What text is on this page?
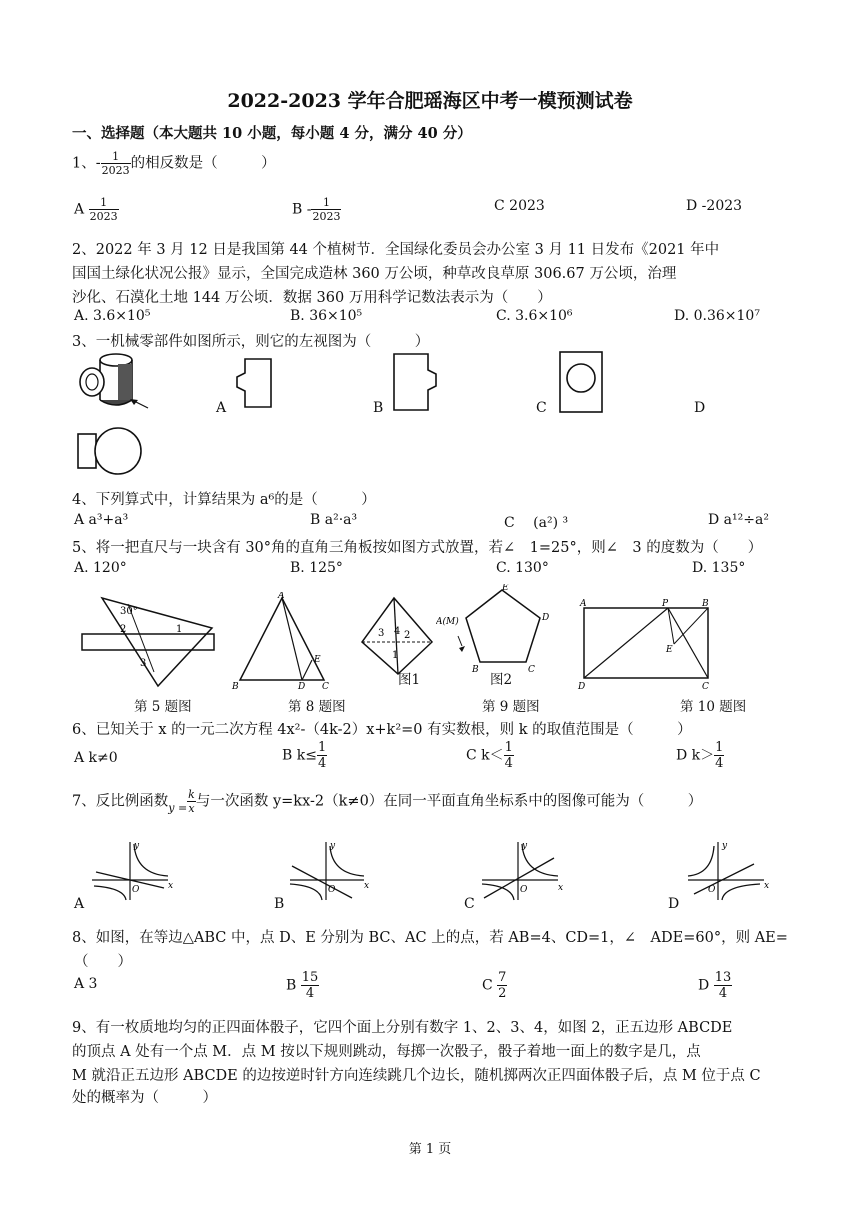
2022-2023 学年合肥瑶海区中考一模预测试卷
一、选择题（本大题共 10 小题，每小题 4 分，满分 40 分）
1、- $\frac{1}{2023}$ 的相反数是（　　　）
A $\frac{1}{2023}$	B - $\frac{1}{2023}$	C 2023	D -2023
2、2022 年 3 月 12 日是我国第 44 个植树节．全国绿化委员会办公室 3 月 11 日发布《2021 年中
国国土绿化状况公报》显示，全国完成造林 360 万公顷，种草改良草原 306.67 万公顷，治理
沙化、石漠化土地 144 万公顷．数据 360 万用科学记数法表示为（　　）
A. 3.6×10⁵	B. 36×10⁵	C. 3.6×10⁶	D. 0.36×10⁷
3、一机械零部件如图所示，则它的左视图为（　　　）
A	B	C	D
4、下列算式中，计算结果为 a⁶的是（　　　）
A a³+a³	B a²·a³	C　 (a²) ³	D a¹²÷a²
5、将一把直尺与一块含有 30°角的直角三角板按如图方式放置，若∠　1=25°，则∠　3 的度数为（　　）
A. 120°	B. 125°	C. 130°	D. 135°
30°
2	1
3
第 5 题图
A
B	D C
E
第 8 题图
3 4 2
1
图1
A(M)
E
D
C
B
图2
第 9 题图
A	P	B
E
D	C
第 10 题图
6、已知关于 x 的一元二次方程 4x²-（4k-2）x+k²=0 有实数根，则 k 的取值范围是（　　　）
A k≠0	B $k\le \frac{1}{4}$	C $k< \frac{1}{4}$	D $k> \frac{1}{4}$
7、反比例函数$_{y =} \frac{k}{x}$ 与一次函数 y=kx-2（k≠0）在同一平面直角坐标系中的图像可能为（　　　）
x
y
O
A
x
y
O
B
x
y
O
C
x
y
O
D
8、如图，在等边△ABC 中，点 D、E 分别为 BC、AC 上的点，若 AB=4、CD=1，∠　ADE=60°，则 AE=
（　　）
A 3	B $\frac{15}{4}$	C $\frac{7}{2}$	D $\frac{13}{4}$
9、有一枚质地均匀的正四面体骰子，它四个面上分别有数字 1、2、3、4，如图 2，正五边形 ABCDE
的顶点 A 处有一个点 M．点 M 按以下规则跳动，每掷一次骰子，骰子着地一面上的数字是几，点
M 就沿正五边形 ABCDE 的边按逆时针方向连续跳几个边长，随机掷两次正四面体骰子后，点 M 位于点 C
处的概率为（　　　）
第 1 页
